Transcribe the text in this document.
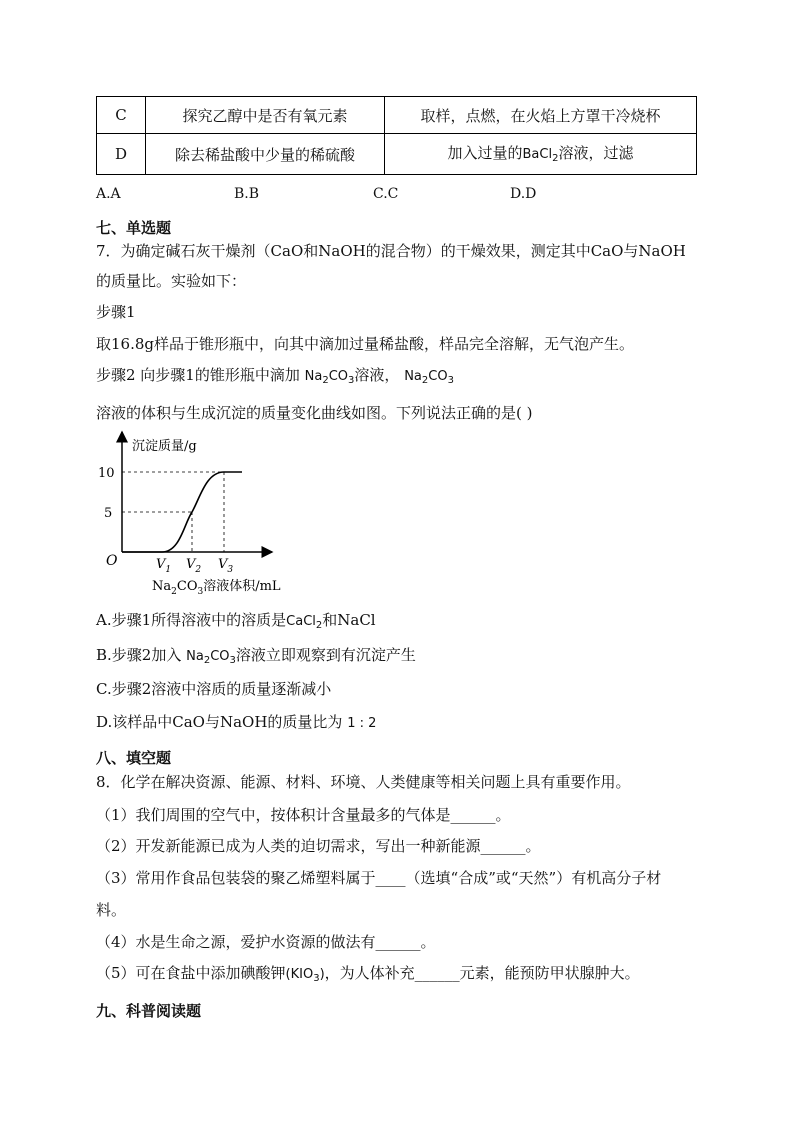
C	探究乙醇中是否有氧元素	取样，点燃，在火焰上方罩干冷烧杯
D	除去稀盐酸中少量的稀硫酸	加入过量的BaCl$_2$溶液，过滤
A.A	B.B	C.C	D.D
七、单选题
7．为确定碱石灰干燥剂（CaO和NaOH的混合物）的干燥效果，测定其中CaO与NaOH
的质量比。实验如下：
步骤1
取16.8g样品于锥形瓶中，向其中滴加过量稀盐酸，样品完全溶解，无气泡产生。
步骤2 向步骤1的锥形瓶中滴加 $Na_2CO_3$溶液， $Na_2CO_3$
溶液的体积与生成沉淀的质量变化曲线如图。下列说法正确的是( )
沉淀质量/g
O
5
10
$V_1$ $V_2$ $V_3$
$Na_2CO_3$溶液体积/mL
A.步骤1所得溶液中的溶质是CaCl$_2$和NaCl
B.步骤2加入 $Na_2CO_3$溶液立即观察到有沉淀产生
C.步骤2溶液中溶质的质量逐渐减小
D.该样品中CaO与NaOH的质量比为 1 : 2
八、填空题
8．化学在解决资源、能源、材料、环境、人类健康等相关问题上具有重要作用。
（1）我们周围的空气中，按体积计含量最多的气体是______。
（2）开发新能源已成为人类的迫切需求，写出一种新能源______。
（3）常用作食品包装袋的聚乙烯塑料属于____（选填“合成”或“天然”）有机高分子材
料。
（4）水是生命之源，爱护水资源的做法有______。
（5）可在食盐中添加碘酸钾$(KIO_3)$，为人体补充______元素，能预防甲状腺肿大。
九、科普阅读题
